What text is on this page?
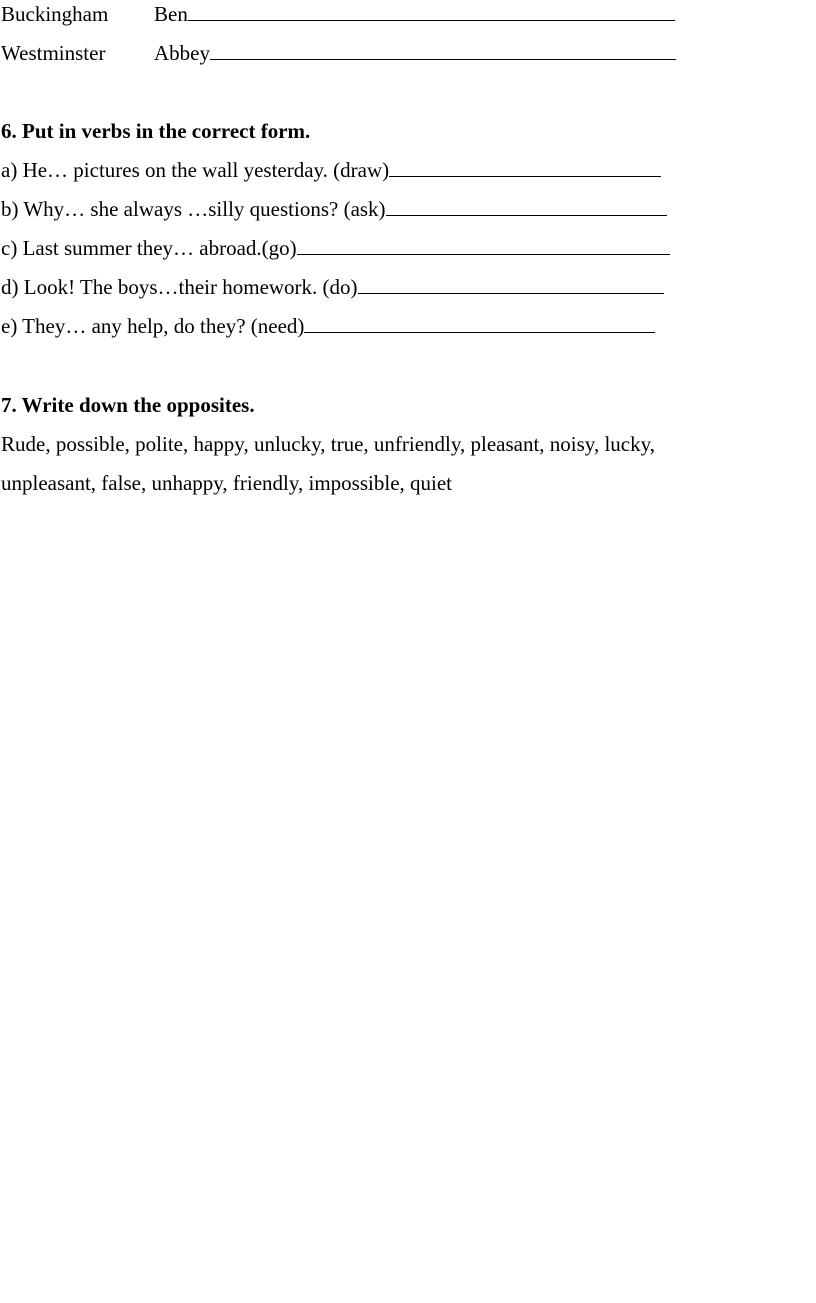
Buckingham Ben
Westminster Abbey
6. Put in verbs in the correct form.
a) He… pictures on the wall yesterday. (draw)
b) Why… she always …silly questions? (ask)
c) Last summer they… abroad.(go)
d) Look! The boys…their homework. (do)
e) They… any help, do they? (need)
7. Write down the opposites.
Rude, possible, polite, happy, unlucky, true, unfriendly, pleasant, noisy, lucky,
unpleasant, false, unhappy, friendly, impossible, quiet
